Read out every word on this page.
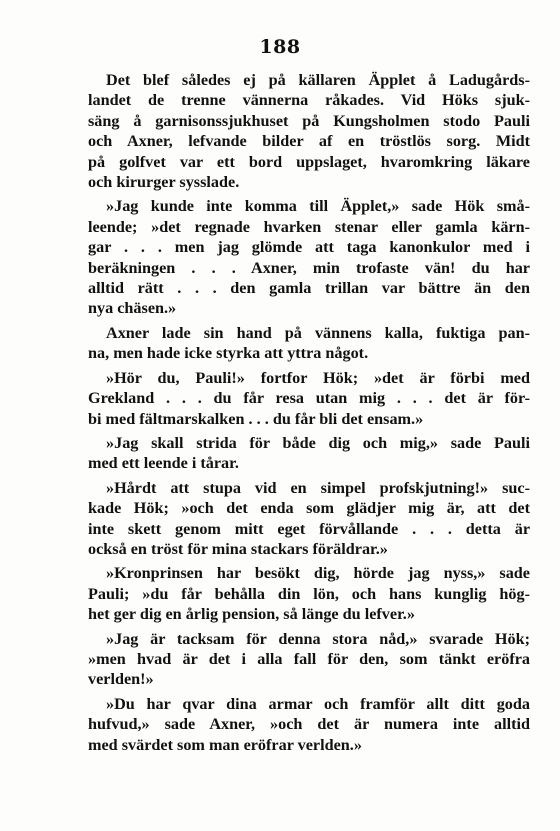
188
Det blef således ej på källaren Äpplet å Ladugårds-
landet de trenne vännerna råkades. Vid Höks sjuk-
säng å garnisonssjukhuset på Kungsholmen stodo Pauli
och Axner, lefvande bilder af en tröstlös sorg. Midt
på golfvet var ett bord uppslaget, hvaromkring läkare
och kirurger sysslade.
»Jag kunde inte komma till Äpplet,» sade Hök små-
leende; »det regnade hvarken stenar eller gamla kärn-
gar . . . men jag glömde att taga kanonkulor med i
beräkningen . . . Axner, min trofaste vän! du har
alltid rätt . . . den gamla trillan var bättre än den
nya chäsen.»
Axner lade sin hand på vännens kalla, fuktiga pan-
na, men hade icke styrka att yttra något.
»Hör du, Pauli!» fortfor Hök; »det är förbi med
Grekland . . . du får resa utan mig . . . det är för-
bi med fältmarskalken . . . du får bli det ensam.»
»Jag skall strida för både dig och mig,» sade Pauli
med ett leende i tårar.
»Hårdt att stupa vid en simpel profskjutning!» suc-
kade Hök; »och det enda som glädjer mig är, att det
inte skett genom mitt eget förvållande . . . detta är
också en tröst för mina stackars föräldrar.»
»Kronprinsen har besökt dig, hörde jag nyss,» sade
Pauli; »du får behålla din lön, och hans kunglig hög-
het ger dig en årlig pension, så länge du lefver.»
»Jag är tacksam för denna stora nåd,» svarade Hök;
»men hvad är det i alla fall för den, som tänkt eröfra
verlden!»
»Du har qvar dina armar och framför allt ditt goda
hufvud,» sade Axner, »och det är numera inte alltid
med svärdet som man eröfrar verlden.»
